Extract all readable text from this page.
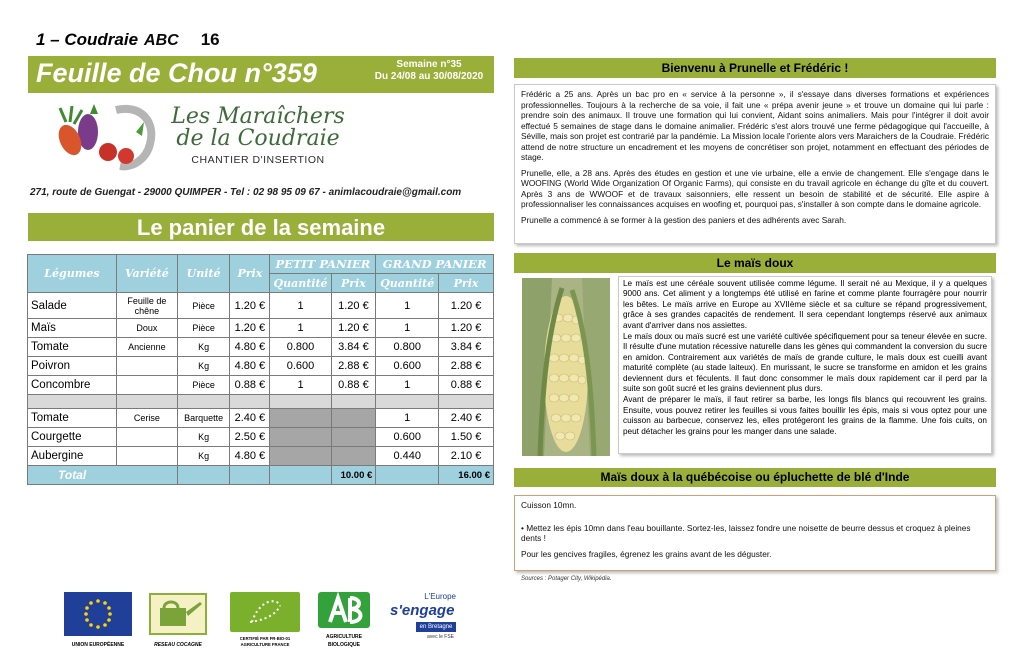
1 – Coudraie ABC 16
Feuille de Chou n°359	Semaine n°35
Du 24/08 au 30/08/2020
Les Maraîchers
de la Coudraie
CHANTIER D'INSERTION
271, route de Guengat - 29000 QUIMPER - Tel : 02 98 95 09 67 - animlacoudraie@gmail.com
Le panier de la semaine
Légumes	Variété	Unité	Prix	PETIT PANIER		GRAND PANIER	
				Quantité	Prix	Quantité	Prix
Salade	Feuille de chêne	Pièce	1.20 €	1	1.20 €	1	1.20 €
Maïs	Doux	Pièce	1.20 €	1	1.20 €	1	1.20 €
Tomate	Ancienne	Kg	4.80 €	0.800	3.84 €	0.800	3.84 €
Poivron		Kg	4.80 €	0.600	2.88 €	0.600	2.88 €
Concombre		Pièce	0.88 €	1	0.88 €	1	0.88 €

Tomate	Cerise	Barquette	2.40 €			1	2.40 €
Courgette		Kg	2.50 €			0.600	1.50 €
Aubergine		Kg	4.80 €			0.440	2.10 €
Total					10.00 €		16.00 €
Bienvenu à Prunelle et Frédéric !

Frédéric a 25 ans. Après un bac pro en « service à la personne », il s'essaye dans diverses formations et expériences professionnelles. Toujours à la recherche de sa voie, il fait une « prépa avenir jeune » et trouve un domaine qui lui parle : prendre soin des animaux. Il trouve une formation qui lui convient, Aidant soins animaliers. Mais pour l'intégrer il doit avoir effectué 5 semaines de stage dans le domaine animalier. Frédéric s'est alors trouvé une ferme pédagogique qui l'accueille, à Séville, mais son projet est contrarié par la pandémie. La Mission locale l'oriente alors vers Maraichers de la Coudraie. Frédéric attend de notre structure un encadrement et les moyens de concrétiser son projet, notamment en effectuant des périodes de stage.

Prunelle, elle, a 28 ans. Après des études en gestion et une vie urbaine, elle a envie de changement. Elle s'engage dans le WOOFING (World Wide Organization Of Organic Farms), qui consiste en du travail agricole en échange du gîte et du couvert. Après 3 ans de WWOOF et de travaux saisonniers, elle ressent un besoin de stabilité et de sécurité. Elle aspire à professionnaliser les connaissances acquises en woofing et, pourquoi pas, s'installer à son compte dans le domaine agricole.

Prunelle a commencé à se former à la gestion des paniers et des adhérents avec Sarah.

Le maïs doux

Le maïs est une céréale souvent utilisée comme légume. Il serait né au Mexique, il y a quelques 9000 ans. Cet aliment y a longtemps été utilisé en farine et comme plante fourragère pour nourrir les bêtes. Le maïs arrive en Europe au XVIIème siècle et sa culture se répand progressivement, grâce à ses grandes capacités de rendement. Il sera cependant longtemps réservé aux animaux avant d'arriver dans nos assiettes.

Le maïs doux ou maïs sucré est une variété cultivée spécifiquement pour sa teneur élevée en sucre. Il résulte d'une mutation récessive naturelle dans les gènes qui commandent la conversion du sucre en amidon. Contrairement aux variétés de maïs de grande culture, le maïs doux est cueilli avant maturité complète (au stade laiteux). En murissant, le sucre se transforme en amidon et les grains deviennent durs et féculents. Il faut donc consommer le maïs doux rapidement car il perd par la suite son goût sucré et les grains deviennent plus durs.

Avant de préparer le maïs, il faut retirer sa barbe, les longs fils blancs qui recouvrent les grains. Ensuite, vous pouvez retirer les feuilles si vous faites bouillir les épis, mais si vous optez pour une cuisson au barbecue, conservez les, elles protégeront les grains de la flamme. Une fois cuits, on peut détacher les grains pour les manger dans une salade.

Maïs doux à la québécoise ou épluchette de blé d'Inde

Cuisson 10mn.

• Mettez les épis 10mn dans l'eau bouillante. Sortez-les, laissez fondre une noisette de beurre dessus et croquez à pleines dents !

Pour les gencives fragiles, égrenez les grains avant de les déguster.

Sources : Potager City, Wikipédia.
UNION EUROPÉENNE	RESEAU COCAGNE
CERTIFIÉ PAR FR-BIO-01 AGRICULTURE FRANCE
AGRICULTURE
BIOLOGIQUE
L'Europe
s'engage
en Bretagne
avec le FSE
